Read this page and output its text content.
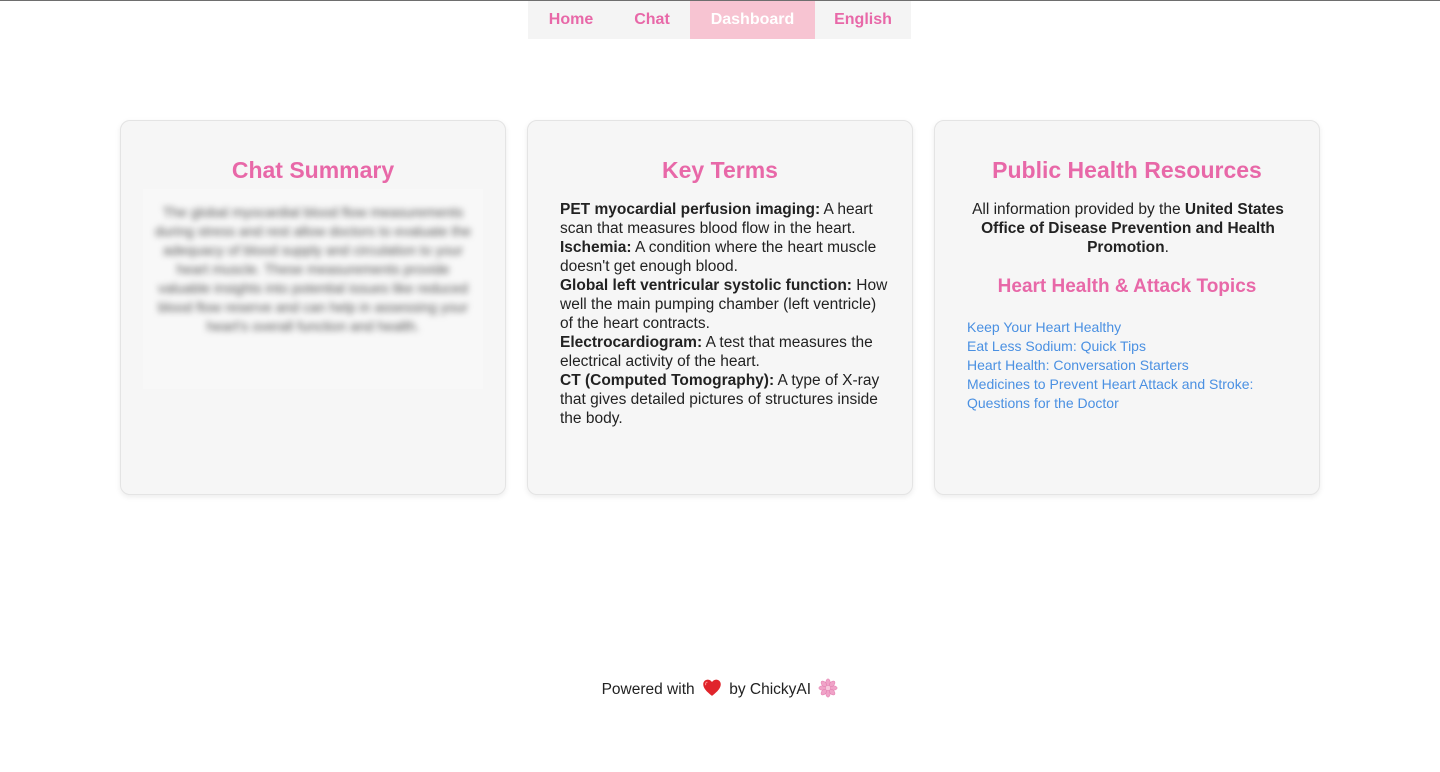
Home	Chat	Dashboard	English
Chat Summary
The global myocardial blood flow measurements during stress and rest allow doctors to evaluate the adequacy of blood supply and circulation to your heart muscle. These measurements provide valuable insights into potential issues like reduced blood flow reserve and can help in assessing your heart's overall function and health.
Key Terms
PET myocardial perfusion imaging: A heart scan that measures blood flow in the heart.
Ischemia: A condition where the heart muscle doesn't get enough blood.
Global left ventricular systolic function: How well the main pumping chamber (left ventricle) of the heart contracts.
Electrocardiogram: A test that measures the electrical activity of the heart.
CT (Computed Tomography): A type of X-ray that gives detailed pictures of structures inside the body.
Public Health Resources
All information provided by the United States Office of Disease Prevention and Health Promotion.
Heart Health & Attack Topics
Keep Your Heart Healthy
Eat Less Sodium: Quick Tips
Heart Health: Conversation Starters
Medicines to Prevent Heart Attack and Stroke: Questions for the Doctor
Powered with by ChickyAI
